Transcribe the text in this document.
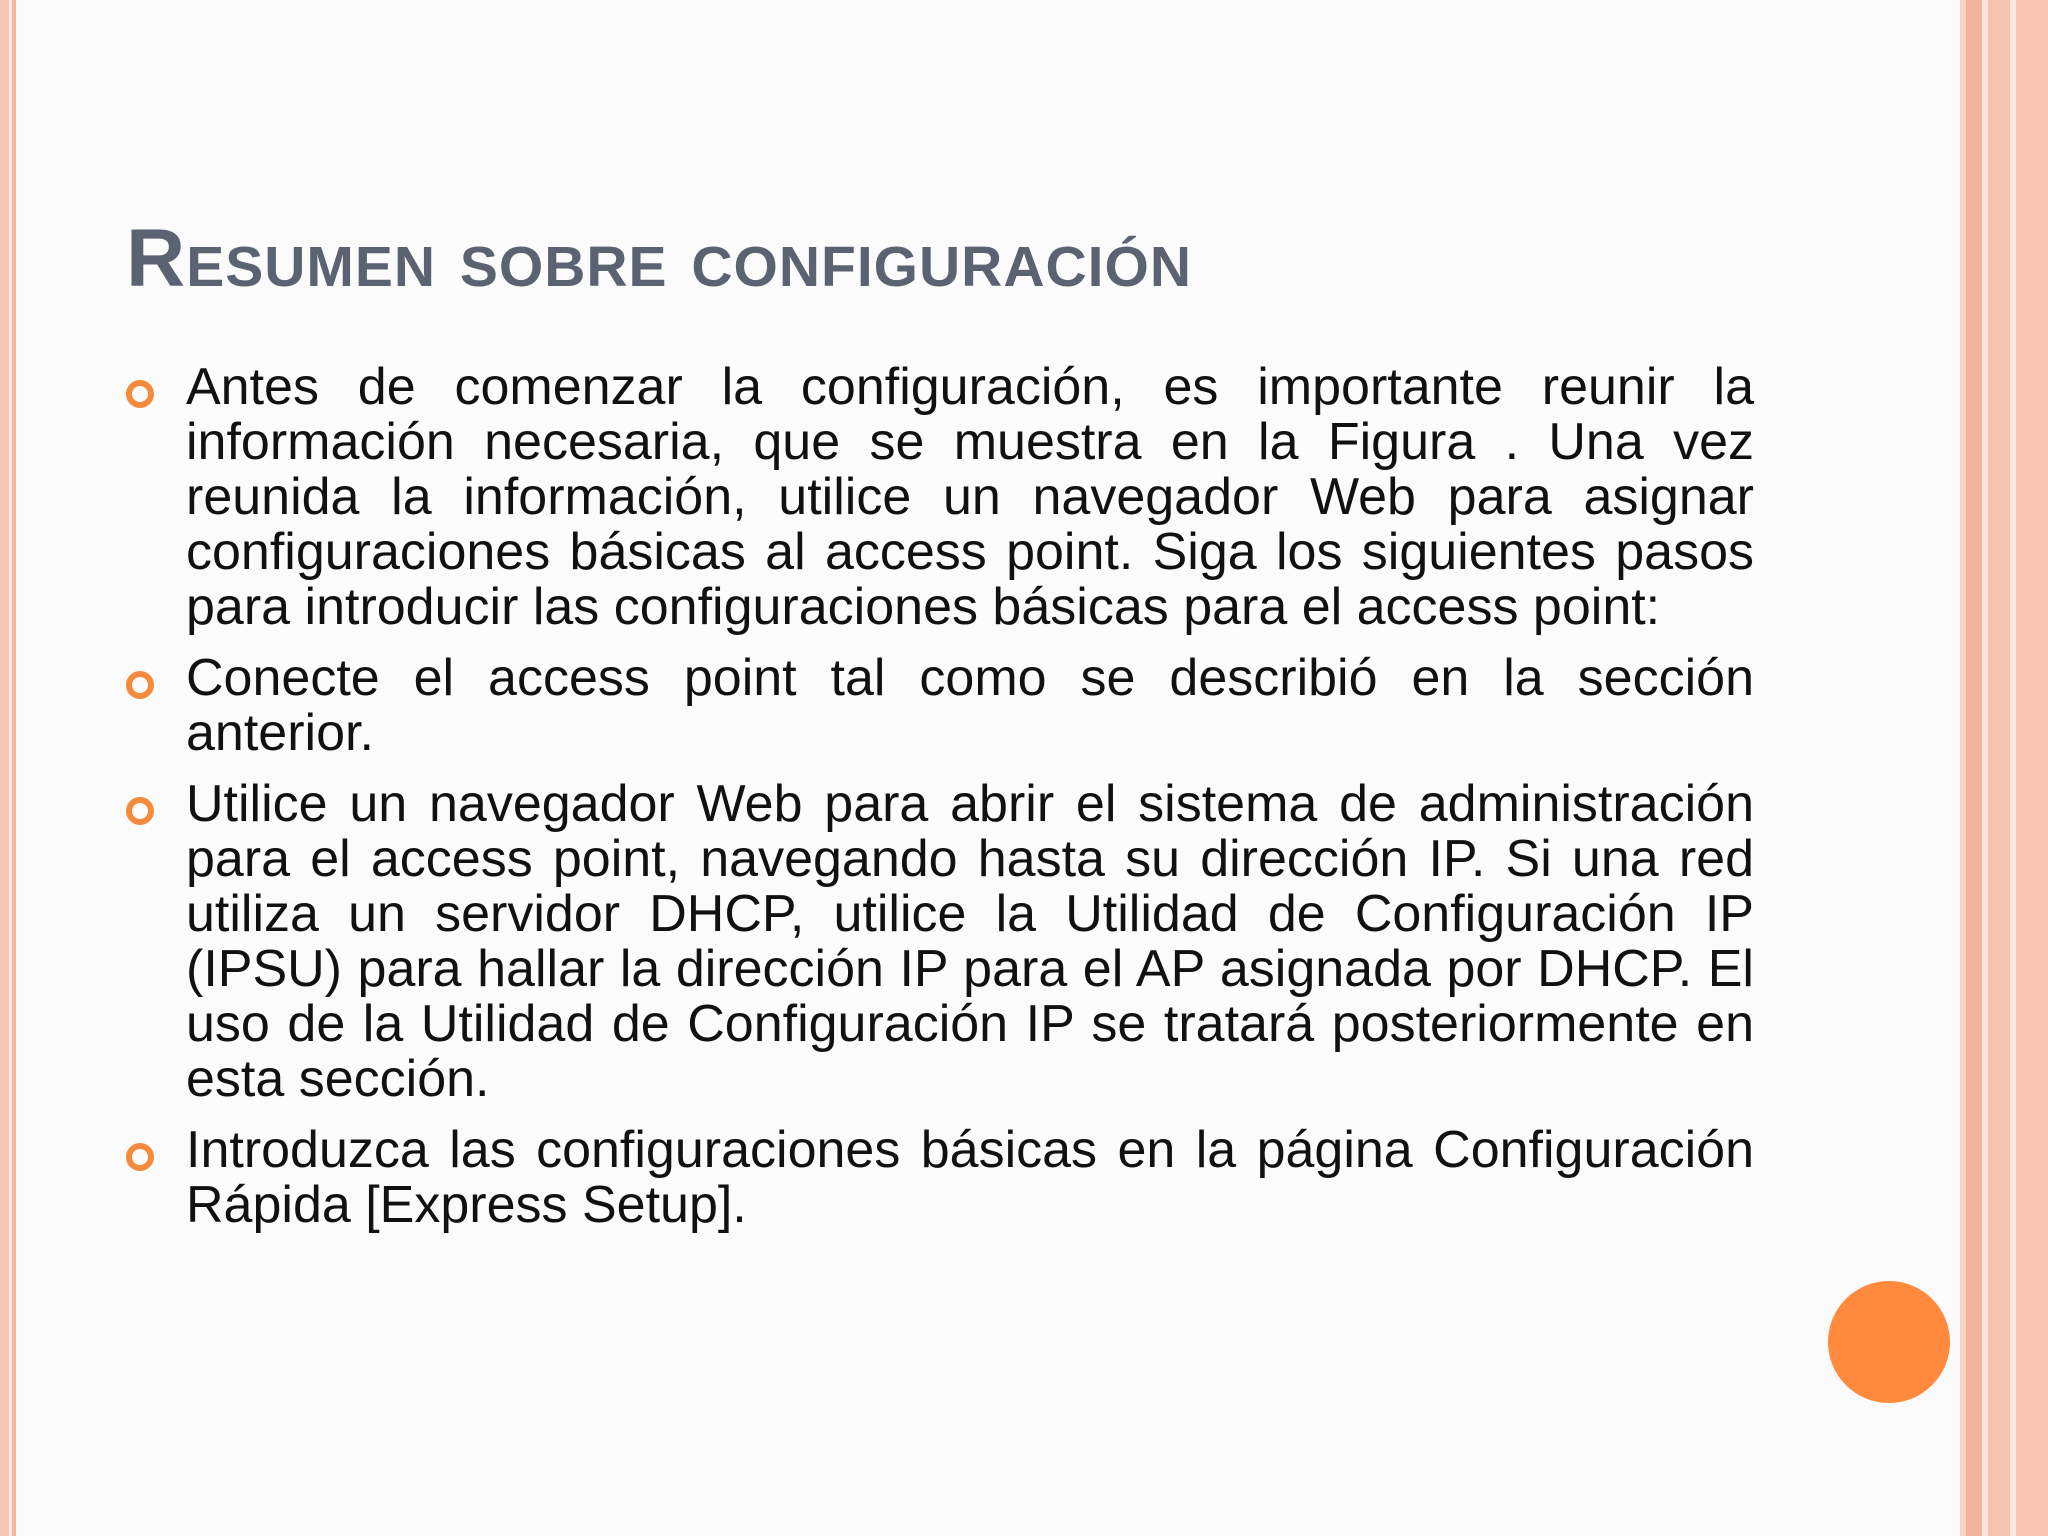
Resumen sobre configuración
Antes de comenzar la configuración, es importante reunir la información necesaria, que se muestra en la Figura . Una vez reunida la información, utilice un navegador Web para asignar configuraciones básicas al access point. Siga los siguientes pasos para introducir las configuraciones básicas para el access point:
Conecte el access point tal como se describió en la sección anterior.
Utilice un navegador Web para abrir el sistema de administración para el access point, navegando hasta su dirección IP. Si una red utiliza un servidor DHCP, utilice la Utilidad de Configuración IP (IPSU) para hallar la dirección IP para el AP asignada por DHCP. El uso de la Utilidad de Configuración IP se tratará posteriormente en esta sección.
Introduzca las configuraciones básicas en la página Configuración Rápida [Express Setup].
